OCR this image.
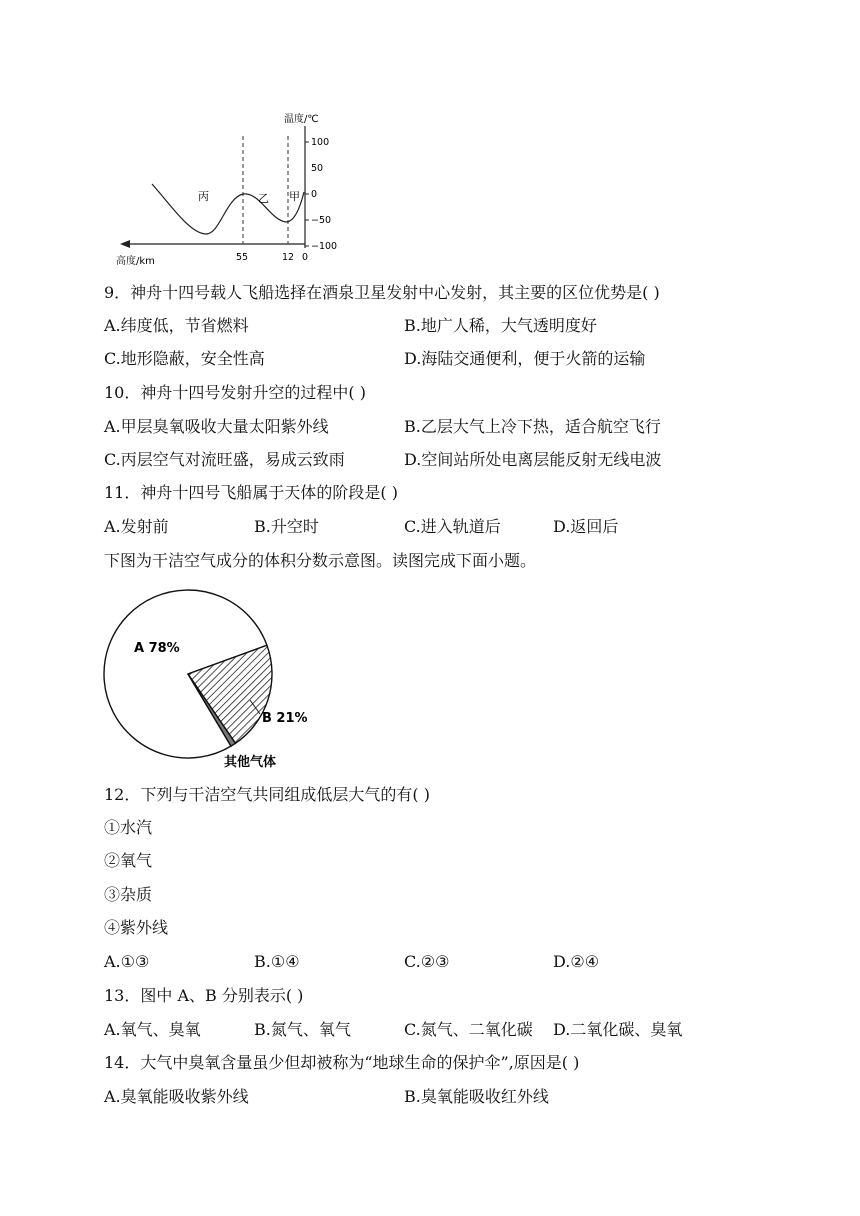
温度/℃
100
50
0
−50
−100
高度/km	55	12 0
丙	乙 甲
9．神舟十四号载人飞船选择在酒泉卫星发射中心发射，其主要的区位优势是( )
A.纬度低，节省燃料	B.地广人稀，大气透明度好
C.地形隐蔽，安全性高	D.海陆交通便利，便于火箭的运输
10．神舟十四号发射升空的过程中( )
A.甲层臭氧吸收大量太阳紫外线	B.乙层大气上冷下热，适合航空飞行
C.丙层空气对流旺盛，易成云致雨	D.空间站所处电离层能反射无线电波
11．神舟十四号飞船属于天体的阶段是( )
A.发射前	B.升空时	C.进入轨道后	D.返回后
下图为干洁空气成分的体积分数示意图。读图完成下面小题。
A 78%
B 21%
其他气体
12．下列与干洁空气共同组成低层大气的有( )
①水汽
②氧气
③杂质
④紫外线
A.①③	B.①④	C.②③	D.②④
13．图中 A、B 分别表示( )
A.氧气、臭氧	B.氮气、氧气	C.氮气、二氧化碳 D.二氧化碳、臭氧
14．大气中臭氧含量虽少但却被称为“地球生命的保护伞”,原因是( )
A.臭氧能吸收紫外线	B.臭氧能吸收红外线
